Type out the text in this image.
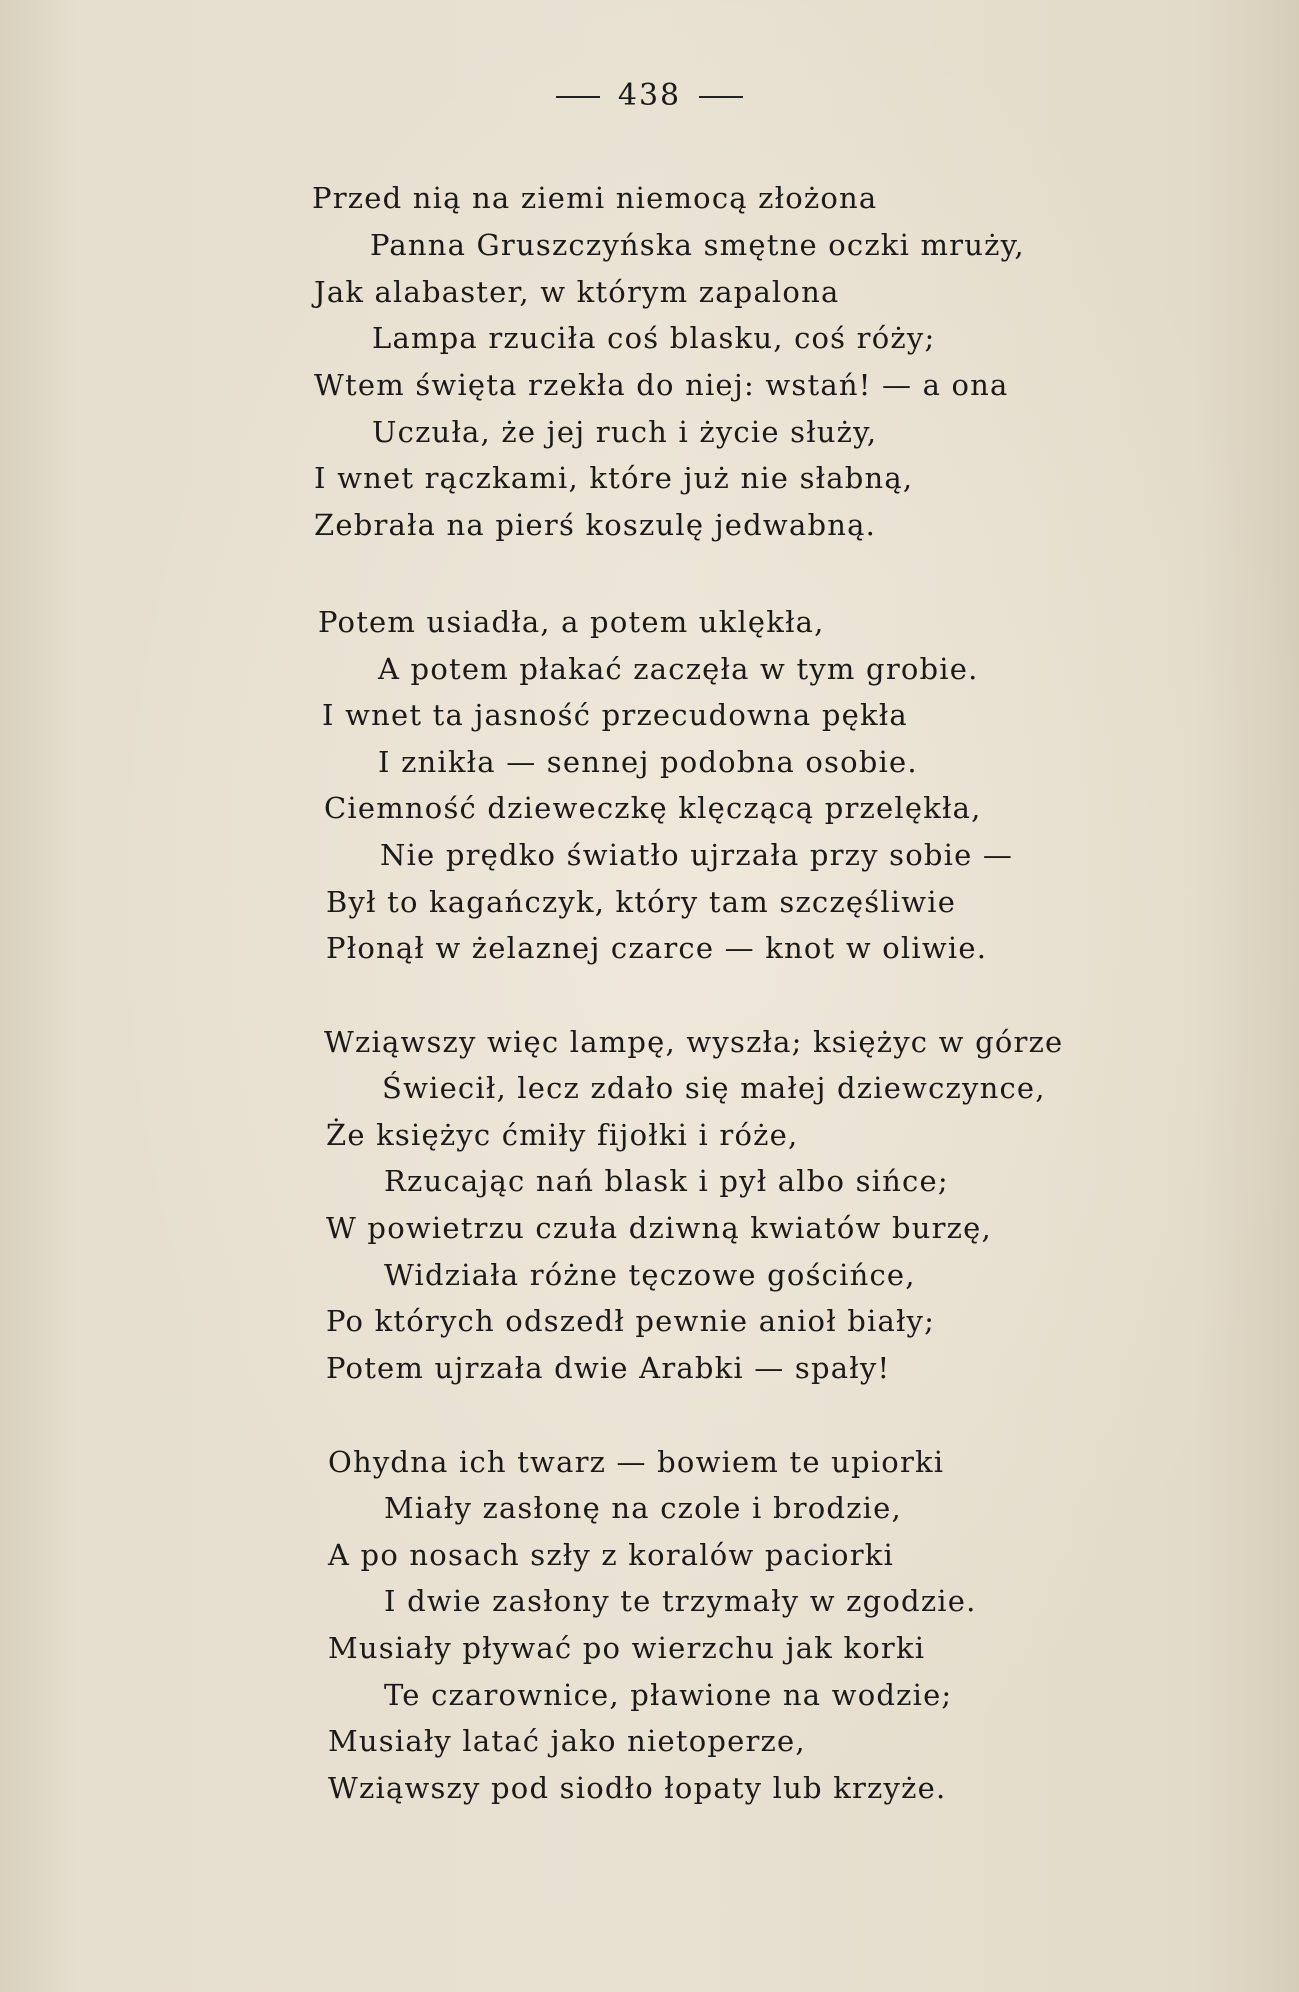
438
Przed nią na ziemi niemocą złożona
Panna Gruszczyńska smętne oczki mruży,
Jak alabaster, w którym zapalona
Lampa rzuciła coś blasku, coś róży;
Wtem święta rzekła do niej: wstań! — a ona
Uczuła, że jej ruch i życie służy,
I wnet rączkami, które już nie słabną,
Zebrała na pierś koszulę jedwabną.
Potem usiadła, a potem uklękła,
A potem płakać zaczęła w tym grobie.
I wnet ta jasność przecudowna pękła
I znikła — sennej podobna osobie.
Ciemność dzieweczkę klęczącą przelękła,
Nie prędko światło ujrzała przy sobie —
Był to kagańczyk, który tam szczęśliwie
Płonął w żelaznej czarce — knot w oliwie.
Wziąwszy więc lampę, wyszła; księżyc w górze
Świecił, lecz zdało się małej dziewczynce,
Że księżyc ćmiły fijołki i róże,
Rzucając nań blask i pył albo sińce;
W powietrzu czuła dziwną kwiatów burzę,
Widziała różne tęczowe gościńce,
Po których odszedł pewnie anioł biały;
Potem ujrzała dwie Arabki — spały!
Ohydna ich twarz — bowiem te upiorki
Miały zasłonę na czole i brodzie,
A po nosach szły z koralów paciorki
I dwie zasłony te trzymały w zgodzie.
Musiały pływać po wierzchu jak korki
Te czarownice, pławione na wodzie;
Musiały latać jako nietoperze,
Wziąwszy pod siodło łopaty lub krzyże.
